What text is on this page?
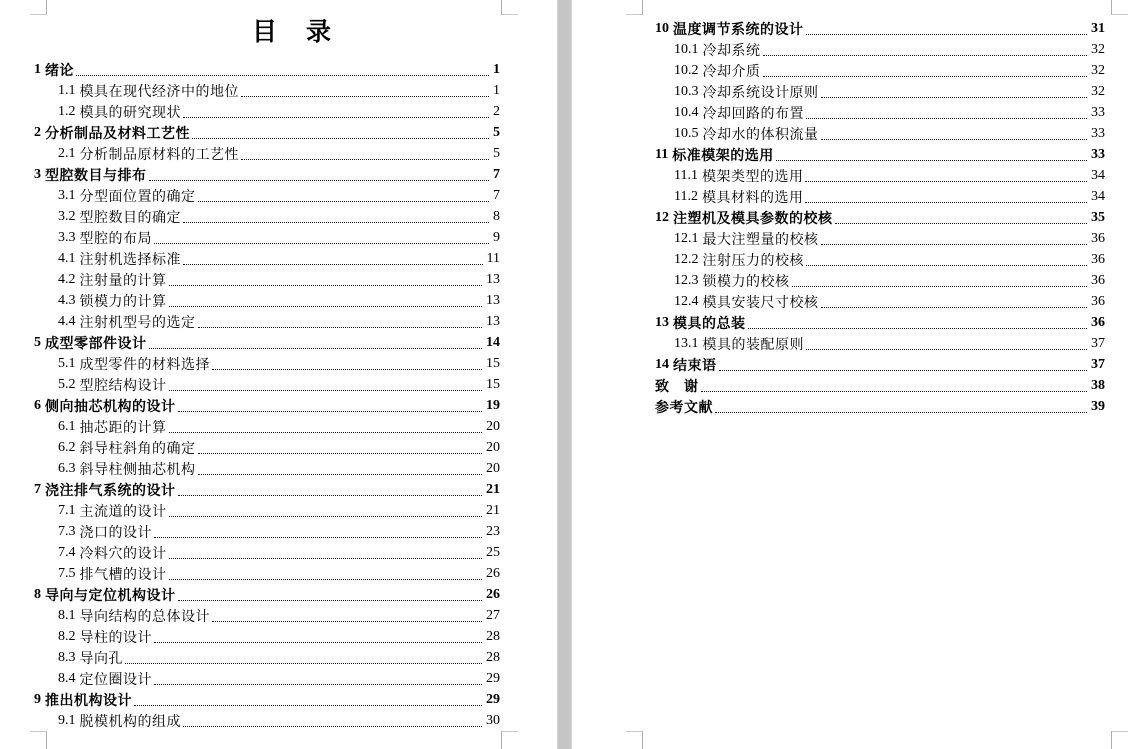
目　录
1 绪论	1
1.1 模具在现代经济中的地位	1
1.2 模具的研究现状	2
2 分析制品及材料工艺性	5
2.1 分析制品原材料的工艺性	5
3 型腔数目与排布	7
3.1 分型面位置的确定	7
3.2 型腔数目的确定	8
3.3 型腔的布局	9
4.1 注射机选择标准	11
4.2 注射量的计算	13
4.3 锁模力的计算	13
4.4 注射机型号的选定	13
5 成型零部件设计	14
5.1 成型零件的材料选择	15
5.2 型腔结构设计	15
6 侧向抽芯机构的设计	19
6.1 抽芯距的计算	20
6.2 斜导柱斜角的确定	20
6.3 斜导柱侧抽芯机构	20
7 浇注排气系统的设计	21
7.1 主流道的设计	21
7.3 浇口的设计	23
7.4 冷料穴的设计	25
7.5 排气槽的设计	26
8 导向与定位机构设计	26
8.1 导向结构的总体设计	27
8.2 导柱的设计	28
8.3 导向孔	28
8.4 定位圈设计	29
9 推出机构设计	29
9.1 脱模机构的组成	30
10 温度调节系统的设计	31
10.1 冷却系统	32
10.2 冷却介质	32
10.3 冷却系统设计原则	32
10.4 冷却回路的布置	33
10.5 冷却水的体积流量	33
11 标准模架的选用	33
11.1 模架类型的选用	34
11.2 模具材料的选用	34
12 注塑机及模具参数的校核	35
12.1 最大注塑量的校核	36
12.2 注射压力的校核	36
12.3 锁模力的校核	36
12.4 模具安装尺寸校核	36
13 模具的总装	36
13.1 模具的装配原则	37
14 结束语	37
致　谢	38
参考文献	39
